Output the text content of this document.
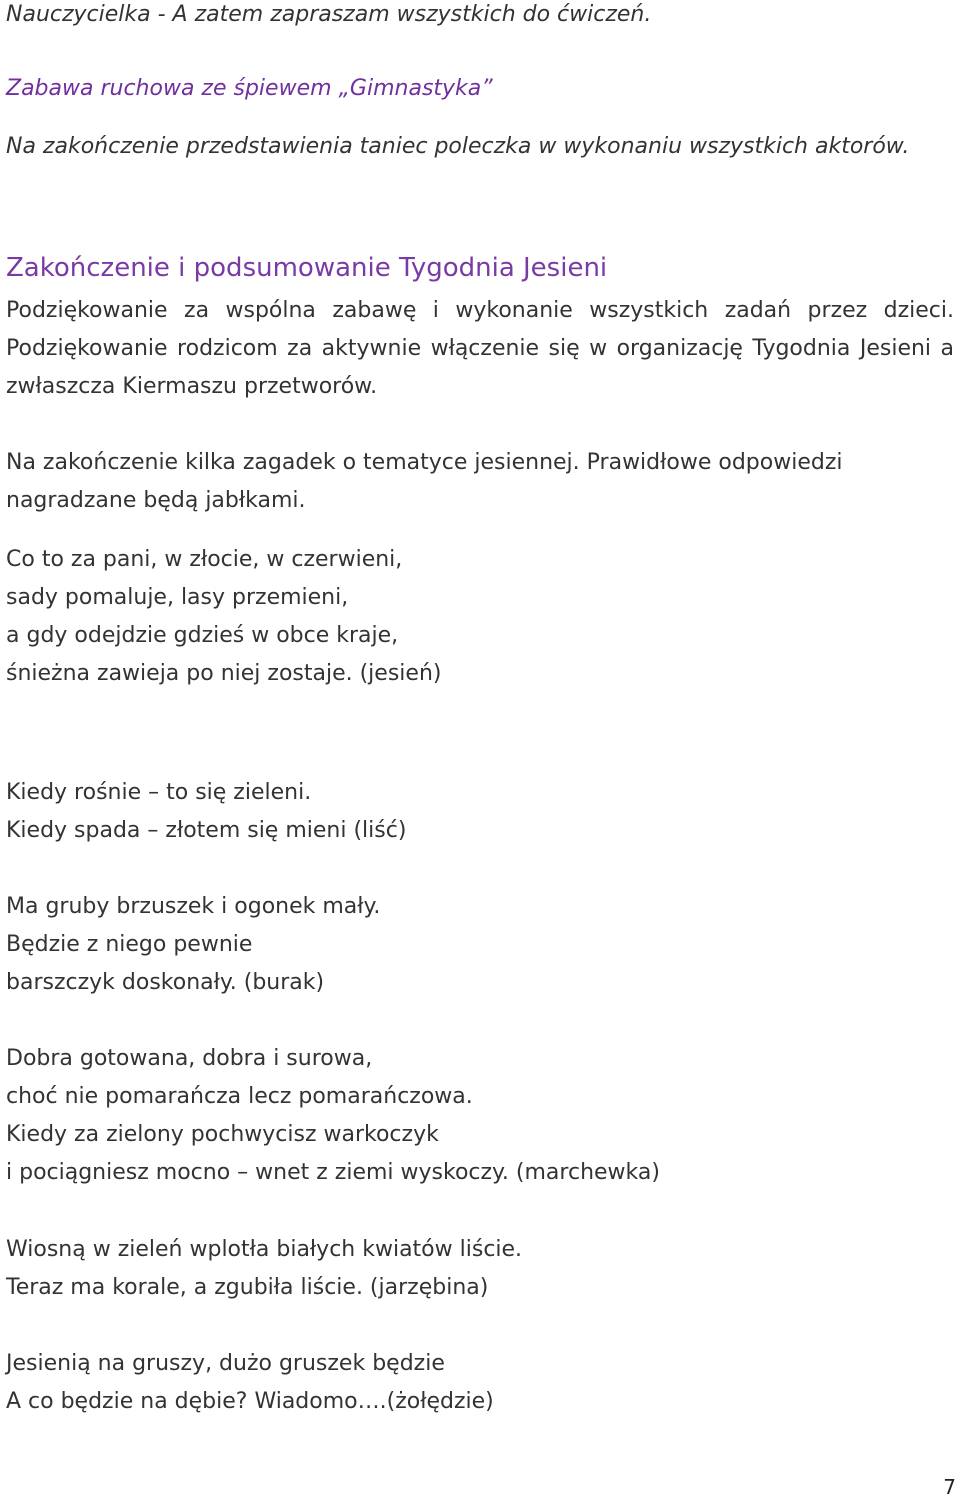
Nauczycielka - A zatem zapraszam wszystkich do ćwiczeń.

Zabawa ruchowa ze śpiewem „Gimnastyka”

Na zakończenie przedstawienia taniec poleczka w wykonaniu wszystkich aktorów.

Zakończenie i podsumowanie Tygodnia Jesieni

Podziękowanie za wspólna zabawę i wykonanie wszystkich zadań przez dzieci.

Podziękowanie rodzicom za aktywnie włączenie się w organizację Tygodnia Jesieni a

zwłaszcza Kiermaszu przetworów.

Na zakończenie kilka zagadek o tematyce jesiennej. Prawidłowe odpowiedzi

nagradzane będą jabłkami.

Co to za pani, w złocie, w czerwieni,

sady pomaluje, lasy przemieni,

a gdy odejdzie gdzieś w obce kraje,

śnieżna zawieja po niej zostaje. (jesień)

Kiedy rośnie – to się zieleni.

Kiedy spada – złotem się mieni (liść)

Ma gruby brzuszek i ogonek mały.

Będzie z niego pewnie

barszczyk doskonały. (burak)

Dobra gotowana, dobra i surowa,

choć nie pomarańcza lecz pomarańczowa.

Kiedy za zielony pochwycisz warkoczyk

i pociągniesz mocno – wnet z ziemi wyskoczy. (marchewka)

Wiosną w zieleń wplotła białych kwiatów liście.

Teraz ma korale, a zgubiła liście. (jarzębina)

Jesienią na gruszy, dużo gruszek będzie

A co będzie na dębie? Wiadomo….(żołędzie)

7
